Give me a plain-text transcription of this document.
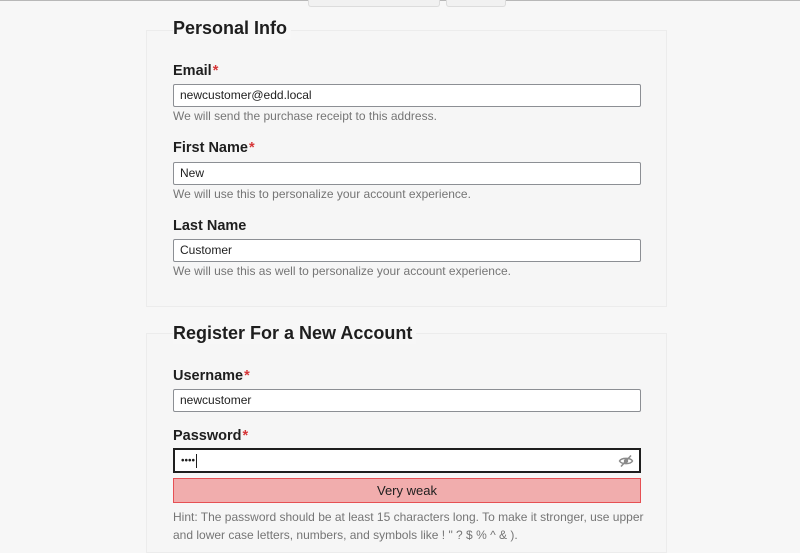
Personal Info
Email*
newcustomer@edd.local
We will send the purchase receipt to this address.
First Name*
New
We will use this to personalize your account experience.
Last Name
Customer
We will use this as well to personalize your account experience.
Register For a New Account
Username*
newcustomer
Password*
••••
Very weak
Hint: The password should be at least 15 characters long. To make it stronger, use upper and lower case letters, numbers, and symbols like ! " ? $ % ^ & ).
